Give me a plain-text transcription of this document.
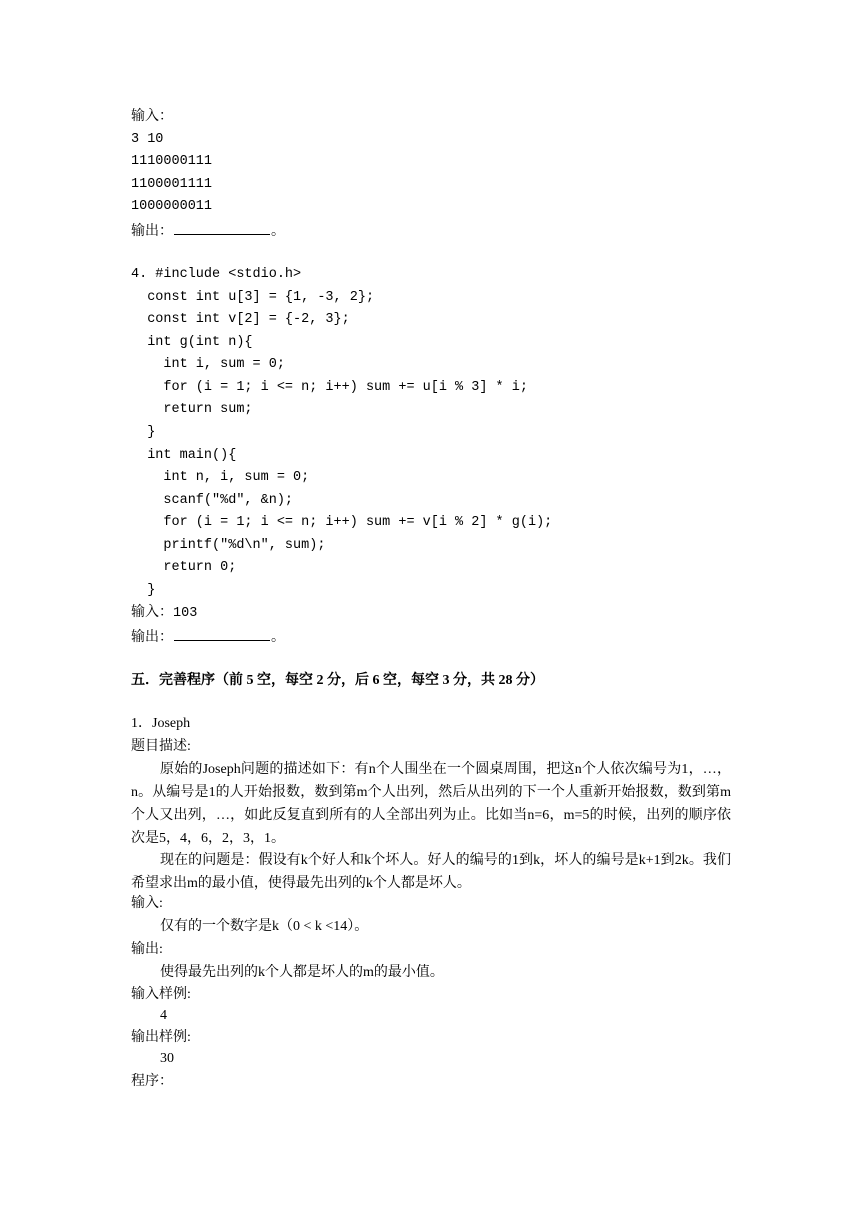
输入：
3 10
1110000111
1100001111
1000000011
输出：	。
4. #include <stdio.h>
const int u[3] = {1, -3, 2};
const int v[2] = {-2, 3};
int g(int n){
int i, sum = 0;
for (i = 1; i <= n; i++) sum += u[i % 3] * i;
return sum;
}
int main(){
int n, i, sum = 0;
scanf("%d", &n);
for (i = 1; i <= n; i++) sum += v[i % 2] * g(i);
printf("%d\n", sum);
return 0;
}
输入：103
输出：	。
五．完善程序（前 5 空，每空 2 分，后 6 空，每空 3 分，共 28 分）
1．Joseph
题目描述:
原始的Joseph问题的描述如下：有n个人围坐在一个圆桌周围，把这n个人依次编号为1，…，n。从编号是1的人开始报数，数到第m个人出列，然后从出列的下一个人重新开始报数，数到第m个人又出列，…，如此反复直到所有的人全部出列为止。比如当n=6，m=5的时候，出列的顺序依次是5，4，6，2，3，1。
现在的问题是：假设有k个好人和k个坏人。好人的编号的1到k，坏人的编号是k+1到2k。我们希望求出m的最小值，使得最先出列的k个人都是坏人。
输入:
仅有的一个数字是k（0 < k <14）。
输出:
使得最先出列的k个人都是坏人的m的最小值。
输入样例:
4
输出样例:
30
程序：
